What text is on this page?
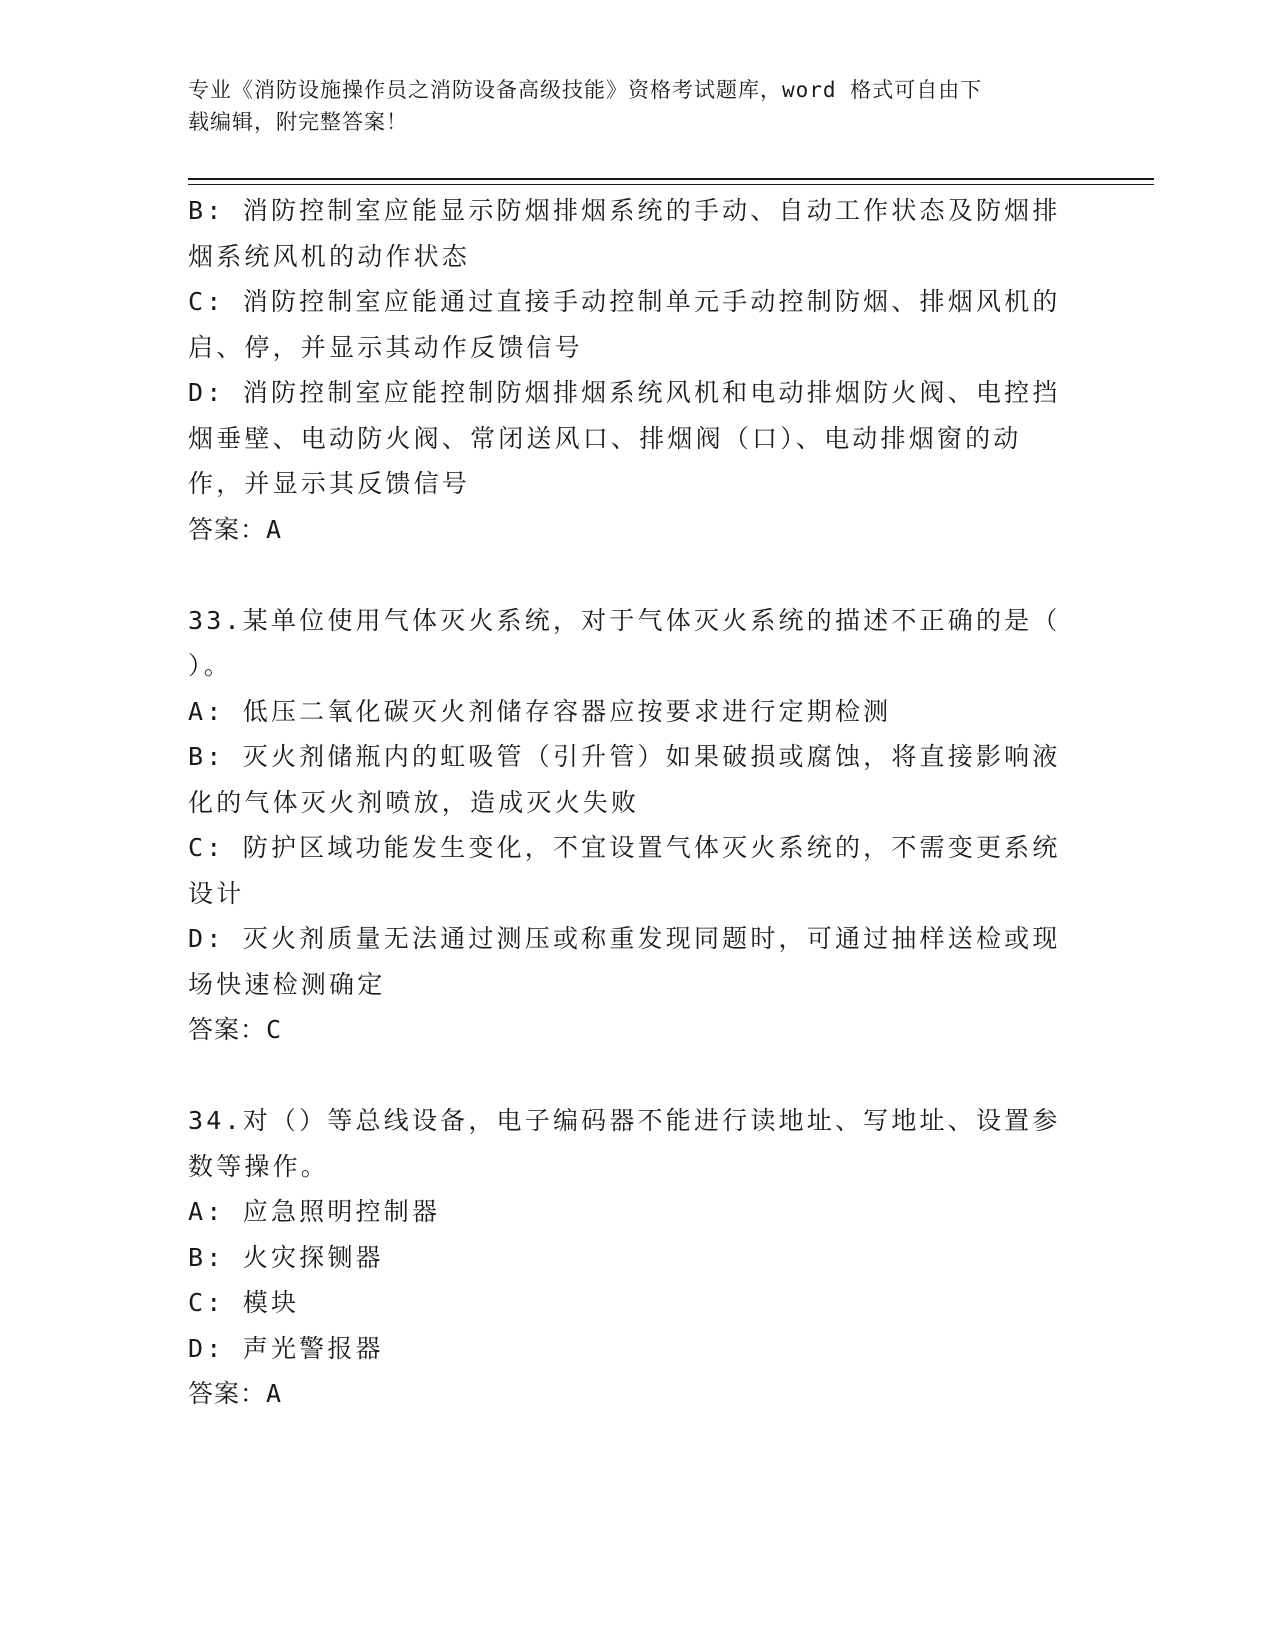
专业《消防设施操作员之消防设备高级技能》资格考试题库，word 格式可自由下
载编辑，附完整答案！
B: 消防控制室应能显示防烟排烟系统的手动、自动工作状态及防烟排
烟系统风机的动作状态
C: 消防控制室应能通过直接手动控制单元手动控制防烟、排烟风机的
启、停，并显示其动作反馈信号
D: 消防控制室应能控制防烟排烟系统风机和电动排烟防火阀、电控挡
烟垂壁、电动防火阀、常闭送风口、排烟阀（口）、电动排烟窗的动
作，并显示其反馈信号
答案：A
33.某单位使用气体灭火系统，对于气体灭火系统的描述不正确的是（
）。
A: 低压二氧化碳灭火剂储存容器应按要求进行定期检测
B: 灭火剂储瓶内的虹吸管（引升管）如果破损或腐蚀，将直接影响液
化的气体灭火剂喷放，造成灭火失败
C: 防护区域功能发生变化，不宜设置气体灭火系统的，不需变更系统
设计
D: 灭火剂质量无法通过测压或称重发现同题时，可通过抽样送检或现
场快速检测确定
答案：C
34.对（）等总线设备，电子编码器不能进行读地址、写地址、设置参
数等操作。
A: 应急照明控制器
B: 火灾探铡器
C: 模块
D: 声光警报器
答案：A
